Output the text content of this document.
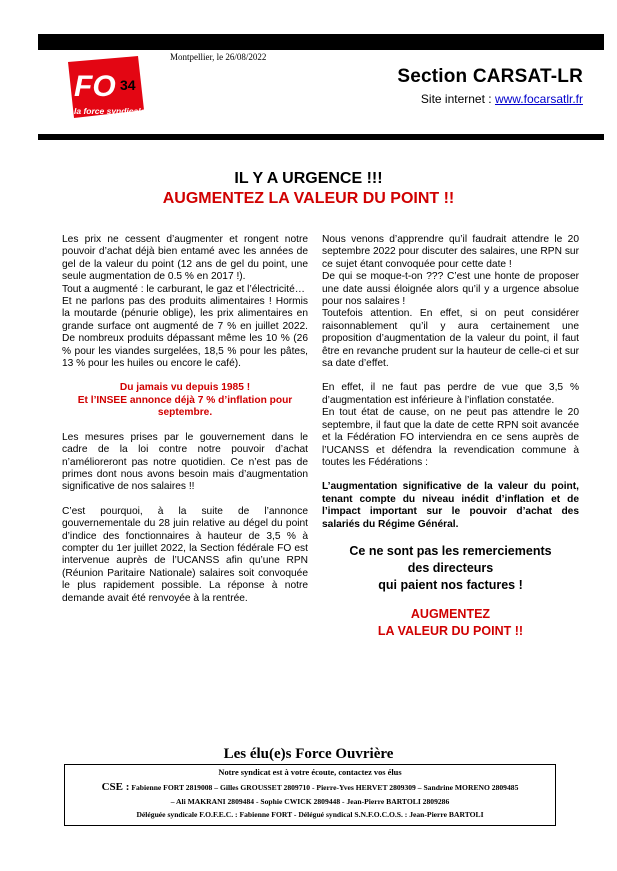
FO 34
la force syndicale
Montpellier, le 26/08/2022
Section CARSAT-LR
Site internet : www.focarsatlr.fr
IL Y A URGENCE !!!
AUGMENTEZ LA VALEUR DU POINT !!

Les prix ne cessent d’augmenter et rongent notre pouvoir d’achat déjà bien entamé avec les années de gel de la valeur du point (12 ans de gel du point, une seule augmentation de 0.5 % en 2017 !).

Tout a augmenté : le carburant, le gaz et l’électricité…

Et ne parlons pas des produits alimentaires ! Hormis la moutarde (pénurie oblige), les prix alimentaires en grande surface ont augmenté de 7 % en juillet 2022. De nombreux produits dépassant même les 10 % (26 % pour les viandes surgelées, 18,5 % pour les pâtes, 13 % pour les huiles ou encore le café).

Du jamais vu depuis 1985 !

Et l’INSEE annonce déjà 7 % d’inflation pour septembre.

Les mesures prises par le gouvernement dans le cadre de la loi contre notre pouvoir d’achat n’amélioreront pas notre quotidien. Ce n’est pas de primes dont nous avons besoin mais d’augmentation significative de nos salaires !!

C’est pourquoi, à la suite de l’annonce gouvernementale du 28 juin relative au dégel du point d’indice des fonctionnaires à hauteur de 3,5 % à compter du 1er juillet 2022, la Section fédérale FO est intervenue auprès de l’UCANSS afin qu’une RPN (Réunion Paritaire Nationale) salaires soit convoquée le plus rapidement possible. La réponse à notre demande avait été renvoyée à la rentrée.

Nous venons d’apprendre qu’il faudrait attendre le 20 septembre 2022 pour discuter des salaires, une RPN sur ce sujet étant convoquée pour cette date !

De qui se moque-t-on ??? C’est une honte de proposer une date aussi éloignée alors qu’il y a urgence absolue pour nos salaires !

Toutefois attention. En effet, si on peut considérer raisonnablement qu’il y aura certainement une proposition d’augmentation de la valeur du point, il faut être en revanche prudent sur la hauteur de celle-ci et sur sa date d’effet.

En effet, il ne faut pas perdre de vue que 3,5 % d’augmentation est inférieure à l’inflation constatée.

En tout état de cause, on ne peut pas attendre le 20 septembre, il faut que la date de cette RPN soit avancée et la Fédération FO interviendra en ce sens auprès de l’UCANSS et défendra la revendication commune à toutes les Fédérations :

L’augmentation significative de la valeur du point, tenant compte du niveau inédit d’inflation et de l’impact important sur le pouvoir d’achat des salariés du Régime Général.

Ce ne sont pas les remerciements
des directeurs
qui paient nos factures !
AUGMENTEZ
LA VALEUR DU POINT !!
Les élu(e)s Force Ouvrière
Notre syndicat est à votre écoute, contactez vos élus
CSE : Fabienne FORT 2819008 – Gilles GROUSSET 2809710 - Pierre-Yves HERVET 2809309 – Sandrine MORENO 2809485
– Ali MAKRANI 2809484 - Sophie CWICK 2809448 - Jean-Pierre BARTOLI 2809286
Déléguée syndicale F.O.F.E.C. : Fabienne FORT - Délégué syndical S.N.F.O.C.O.S. : Jean-Pierre BARTOLI
